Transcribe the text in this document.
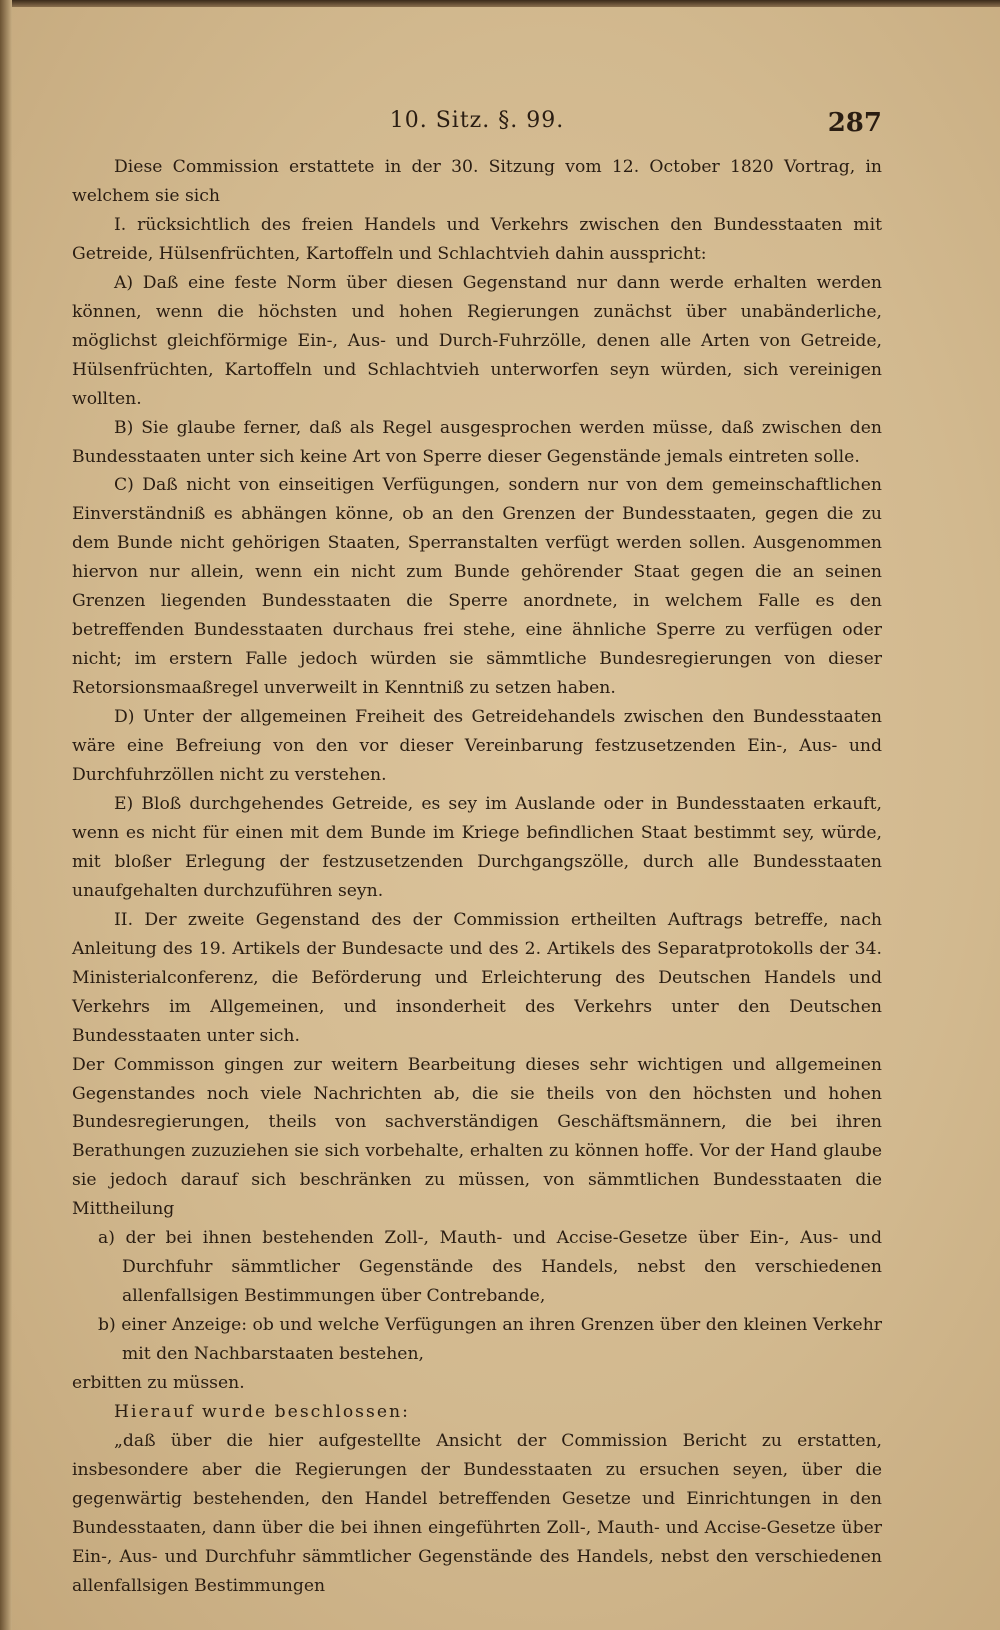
10. Sitz. §. 99.	287

Diese Commission erstattete in der 30. Sitzung vom 12. October 1820 Vortrag, in welchem sie sich

I. rücksichtlich des freien Handels und Verkehrs zwischen den Bundesstaaten mit Getreide, Hülsenfrüchten, Kartoffeln und Schlachtvieh dahin ausspricht:

A) Daß eine feste Norm über diesen Gegenstand nur dann werde erhalten werden können, wenn die höchsten und hohen Regierungen zunächst über unabänderliche, möglichst gleichförmige Ein-, Aus- und Durch-Fuhrzölle, denen alle Arten von Getreide, Hülsenfrüchten, Kartoffeln und Schlachtvieh unterworfen seyn würden, sich vereinigen wollten.

B) Sie glaube ferner, daß als Regel ausgesprochen werden müsse, daß zwischen den Bundesstaaten unter sich keine Art von Sperre dieser Gegenstände jemals eintreten solle.

C) Daß nicht von einseitigen Verfügungen, sondern nur von dem gemeinschaftlichen Einverständniß es abhängen könne, ob an den Grenzen der Bundesstaaten, gegen die zu dem Bunde nicht gehörigen Staaten, Sperranstalten verfügt werden sollen. Ausgenommen hiervon nur allein, wenn ein nicht zum Bunde gehörender Staat gegen die an seinen Grenzen liegenden Bundesstaaten die Sperre anordnete, in welchem Falle es den betreffenden Bundesstaaten durchaus frei stehe, eine ähnliche Sperre zu verfügen oder nicht; im erstern Falle jedoch würden sie sämmtliche Bundesregierungen von dieser Retorsionsmaaßregel unverweilt in Kenntniß zu setzen haben.

D) Unter der allgemeinen Freiheit des Getreidehandels zwischen den Bundesstaaten wäre eine Befreiung von den vor dieser Vereinbarung festzusetzenden Ein-, Aus- und Durchfuhrzöllen nicht zu verstehen.

E) Bloß durchgehendes Getreide, es sey im Auslande oder in Bundesstaaten erkauft, wenn es nicht für einen mit dem Bunde im Kriege befindlichen Staat bestimmt sey, würde, mit bloßer Erlegung der festzusetzenden Durchgangszölle, durch alle Bundesstaaten unaufgehalten durchzuführen seyn.

II. Der zweite Gegenstand des der Commission ertheilten Auftrags betreffe, nach Anleitung des 19. Artikels der Bundesacte und des 2. Artikels des Separatprotokolls der 34. Ministerialconferenz, die Beförderung und Erleichterung des Deutschen Handels und Verkehrs im Allgemeinen, und insonderheit des Verkehrs unter den Deutschen Bundesstaaten unter sich.

Der Commisson gingen zur weitern Bearbeitung dieses sehr wichtigen und allgemeinen Gegenstandes noch viele Nachrichten ab, die sie theils von den höchsten und hohen Bundesregierungen, theils von sachverständigen Geschäftsmännern, die bei ihren Berathungen zuzuziehen sie sich vorbehalte, erhalten zu können hoffe. Vor der Hand glaube sie jedoch darauf sich beschränken zu müssen, von sämmtlichen Bundesstaaten die Mittheilung

a) der bei ihnen bestehenden Zoll-, Mauth- und Accise-Gesetze über Ein-, Aus- und Durchfuhr sämmtlicher Gegenstände des Handels, nebst den verschiedenen allenfallsigen Bestimmungen über Contrebande,

b) einer Anzeige: ob und welche Verfügungen an ihren Grenzen über den kleinen Verkehr mit den Nachbarstaaten bestehen,

erbitten zu müssen.

Hierauf wurde beschlossen:

„daß über die hier aufgestellte Ansicht der Commission Bericht zu erstatten, insbesondere aber die Regierungen der Bundesstaaten zu ersuchen seyen, über die gegenwärtig bestehenden, den Handel betreffenden Gesetze und Einrichtungen in den Bundesstaaten, dann über die bei ihnen eingeführten Zoll-, Mauth- und Accise-Gesetze über Ein-, Aus- und Durchfuhr sämmtlicher Gegenstände des Handels, nebst den verschiedenen allenfallsigen Bestimmungen
